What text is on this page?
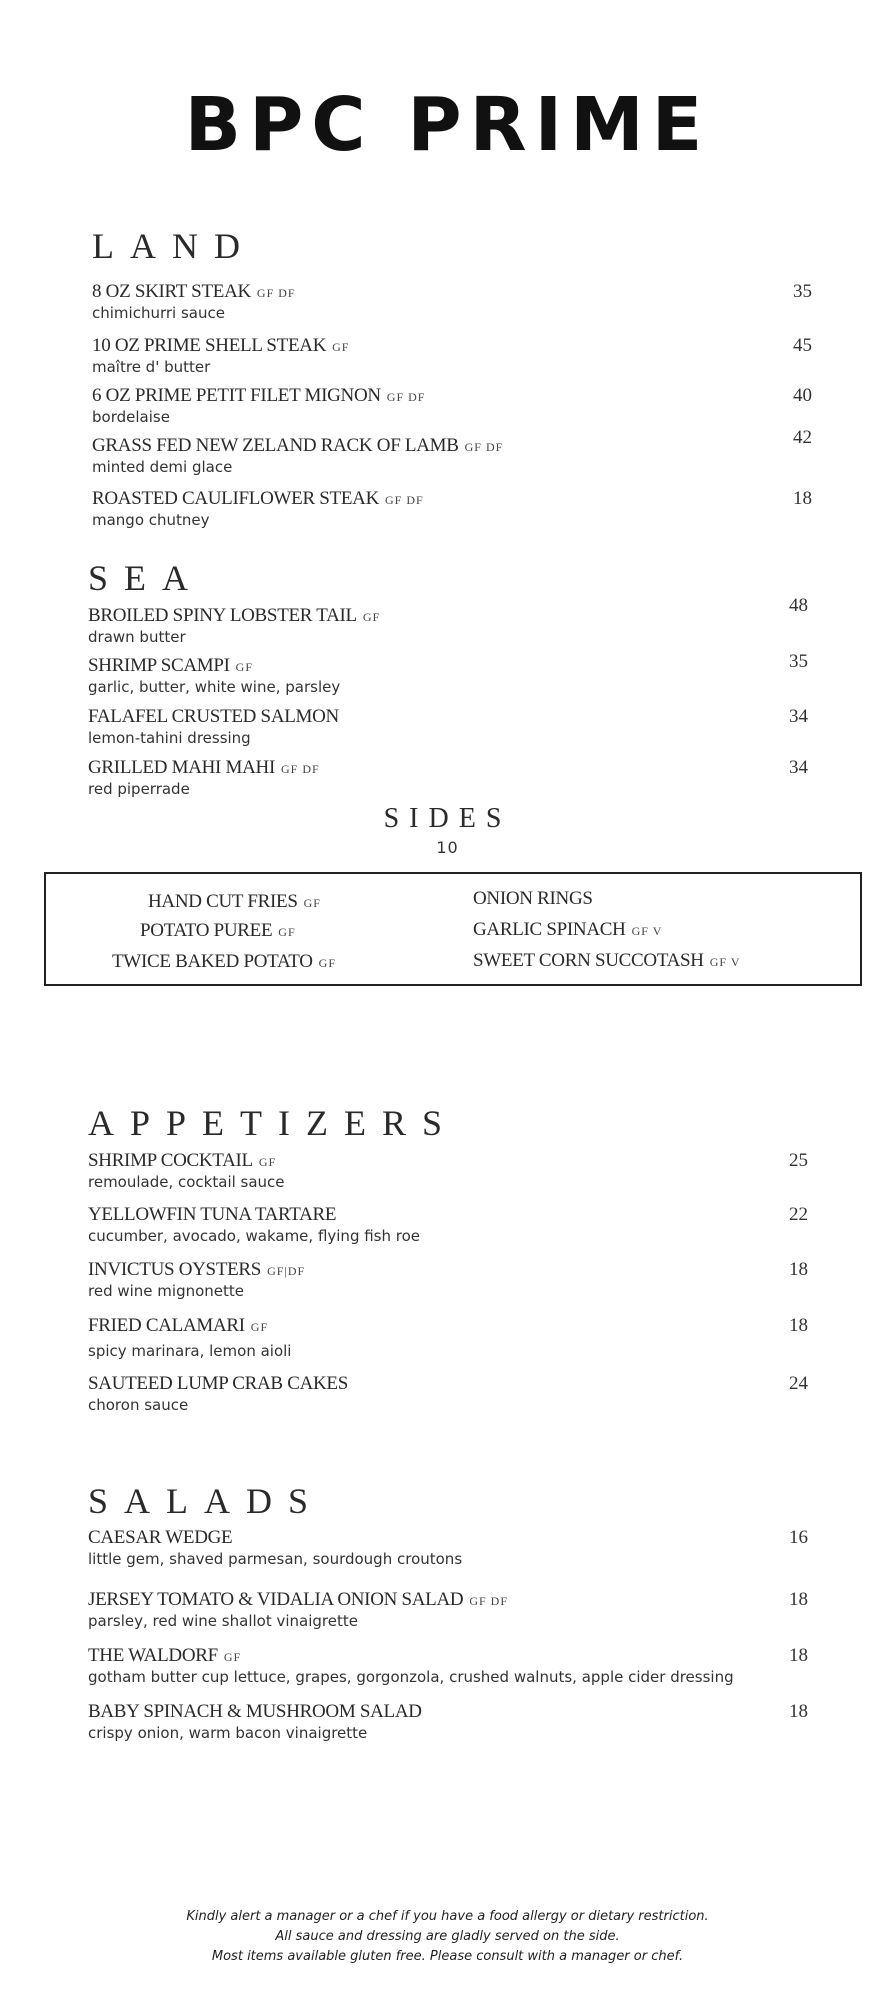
BPC PRIME
LAND
8 OZ SKIRT STEAK GF DF
chimichurri sauce
35
10 OZ PRIME SHELL STEAK GF
maître d' butter
45
6 OZ PRIME PETIT FILET MIGNON GF DF
bordelaise
40
GRASS FED NEW ZELAND RACK OF LAMB GF DF
minted demi glace
42
ROASTED CAULIFLOWER STEAK GF DF
mango chutney
18
SEA
BROILED SPINY LOBSTER TAIL GF
drawn butter
48
SHRIMP SCAMPI GF
garlic, butter, white wine, parsley
35
FALAFEL CRUSTED SALMON
lemon-tahini dressing
34
GRILLED MAHI MAHI GF DF
red piperrade
34
SIDES
10
HAND CUT FRIES GF
POTATO PUREE GF
TWICE BAKED POTATO GF
ONION RINGS
GARLIC SPINACH GF V
SWEET CORN SUCCOTASH GF V
APPETIZERS
SHRIMP COCKTAIL GF
remoulade, cocktail sauce
25
YELLOWFIN TUNA TARTARE
cucumber, avocado, wakame, flying fish roe
22
INVICTUS OYSTERS GF|DF
red wine mignonette
18
FRIED CALAMARI GF
spicy marinara, lemon aioli
18
SAUTEED LUMP CRAB CAKES
choron sauce
24
SALADS
CAESAR WEDGE
little gem, shaved parmesan, sourdough croutons
16
JERSEY TOMATO & VIDALIA ONION SALAD GF DF
parsley, red wine shallot vinaigrette
18
THE WALDORF GF
gotham butter cup lettuce, grapes, gorgonzola, crushed walnuts, apple cider dressing
18
BABY SPINACH & MUSHROOM SALAD
crispy onion, warm bacon vinaigrette
18
Kindly alert a manager or a chef if you have a food allergy or dietary restriction.
All sauce and dressing are gladly served on the side.
Most items available gluten free. Please consult with a manager or chef.
